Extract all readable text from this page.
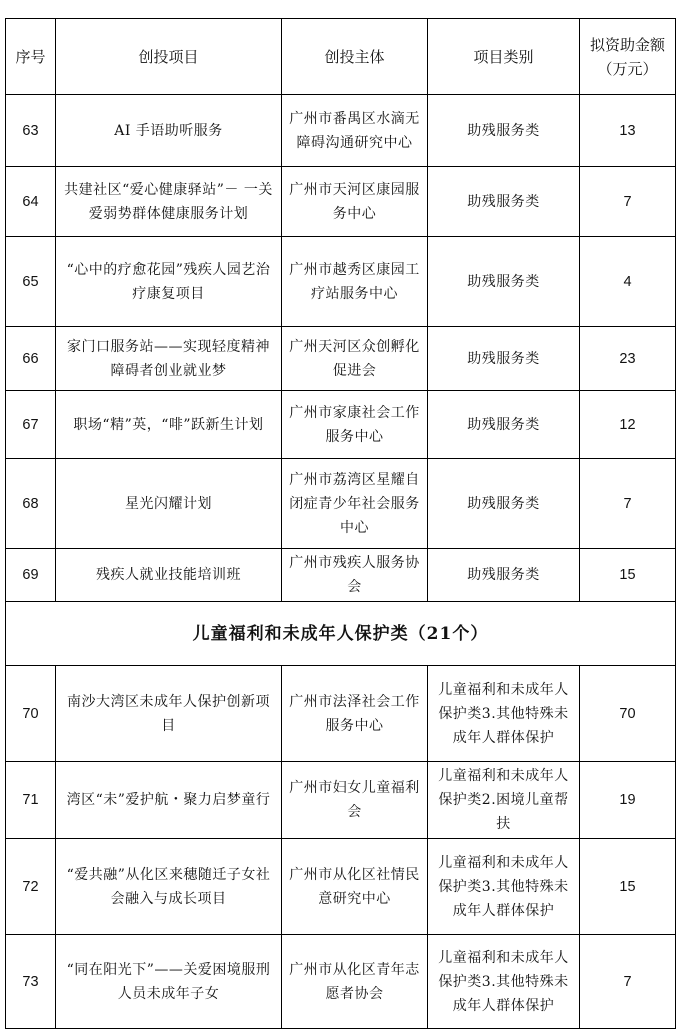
序号	创投项目	创投主体	项目类别	拟资助金额（万元）
63	AI 手语助听服务	广州市番禺区水滴无障碍沟通研究中心	助残服务类	13
64	共建社区“爱心健康驿站”－ 一关爱弱势群体健康服务计划	广州市天河区康园服务中心	助残服务类	7
65	“心中的疗愈花园”残疾人园艺治疗康复项目	广州市越秀区康园工疗站服务中心	助残服务类	4
66	家门口服务站——实现轻度精神障碍者创业就业梦	广州天河区众创孵化促进会	助残服务类	23
67	职场“精”英，“啡”跃新生计划	广州市家康社会工作服务中心	助残服务类	12
68	星光闪耀计划	广州市荔湾区星耀自闭症青少年社会服务中心	助残服务类	7
69	残疾人就业技能培训班	广州市残疾人服务协会	助残服务类	15
儿童福利和未成年人保护类（21个）				
70	南沙大湾区未成年人保护创新项目	广州市法泽社会工作服务中心	儿童福利和未成年人保护类3.其他特殊未成年人群体保护	70
71	湾区“未”爱护航・聚力启梦童行	广州市妇女儿童福利会	儿童福利和未成年人保护类2.困境儿童帮扶	19
72	“爱共融”从化区来穗随迁子女社 会融入与成长项目	广州市从化区社情民意研究中心	儿童福利和未成年人保护类3.其他特殊未成年人群体保护	15
73	“同在阳光下”——关爱困境服刑人员未成年子女	广州市从化区青年志愿者协会	儿童福利和未成年人保护类3.其他特殊未成年人群体保护	7
